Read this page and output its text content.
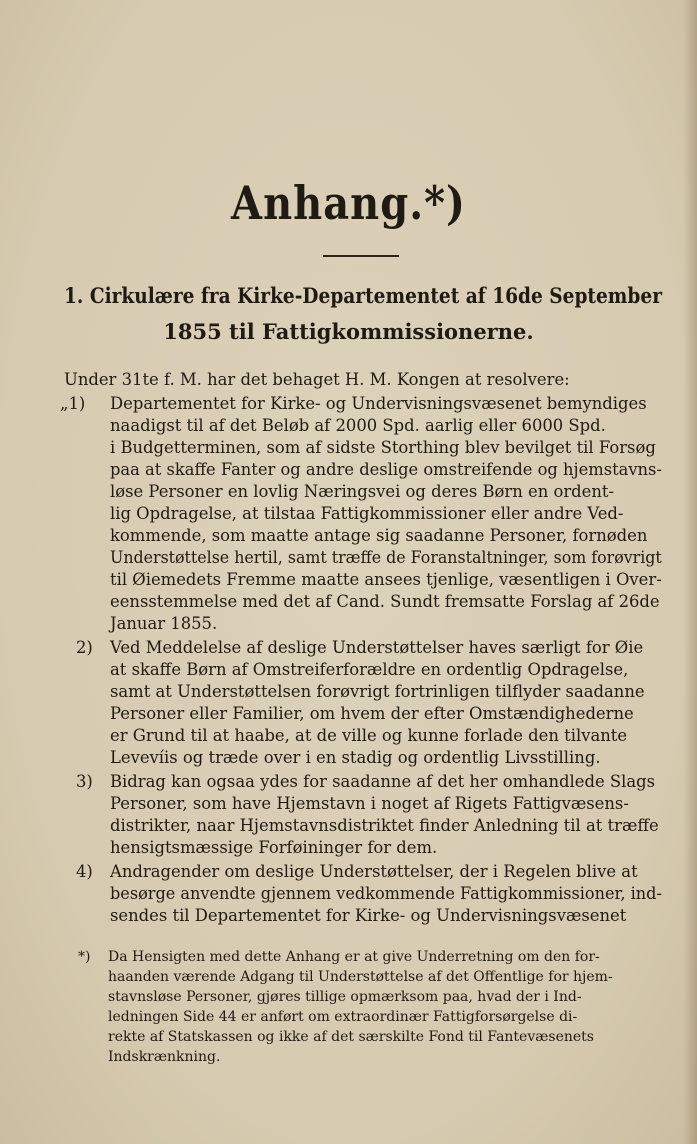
Anhang.*)
1. Cirkulære fra Kirke-Departementet af 16de September
1855 til Fattigkommissionerne.
Under 31te f. M. har det behaget H. M. Kongen at resolvere:
„1) Departementet for Kirke- og Undervisningsvæsenet bemyndiges
naadigst til af det Beløb af 2000 Spd. aarlig eller 6000 Spd.
i Budgetterminen, som af sidste Storthing blev bevilget til Forsøg
paa at skaffe Fanter og andre deslige omstreifende og hjemstavns-
løse Personer en lovlig Næringsvei og deres Børn en ordent-
lig Opdragelse, at tilstaa Fattigkommissioner eller andre Ved-
kommende, som maatte antage sig saadanne Personer, fornøden
Understøttelse hertil, samt træffe de Foranstaltninger, som forøvrigt
til Øiemedets Fremme maatte ansees tjenlige, væsentligen i Over-
eensstemmelse med det af Cand. Sundt fremsatte Forslag af 26de
Januar 1855.
2) Ved Meddelelse af deslige Understøttelser haves særligt for Øie
at skaffe Børn af Omstreiferforældre en ordentlig Opdragelse,
samt at Understøttelsen forøvrigt fortrinligen tilflyder saadanne
Personer eller Familier, om hvem der efter Omstændighederne
er Grund til at haabe, at de ville og kunne forlade den tilvante
Levevíis og træde over i en stadig og ordentlig Livsstilling.
3) Bidrag kan ogsaa ydes for saadanne af det her omhandlede Slags
Personer, som have Hjemstavn i noget af Rigets Fattigvæsens-
distrikter, naar Hjemstavnsdistriktet finder Anledning til at træffe
hensigtsmæssige Forføininger for dem.
4) Andragender om deslige Understøttelser, der i Regelen blive at
besørge anvendte gjennem vedkommende Fattigkommissioner, ind-
sendes til Departementet for Kirke- og Undervisningsvæsenet
*) Da Hensigten med dette Anhang er at give Underretning om den for-
haanden værende Adgang til Understøttelse af det Offentlige for hjem-
stavnsløse Personer, gjøres tillige opmærksom paa, hvad der i Ind-
ledningen Side 44 er anført om extraordinær Fattigforsørgelse di-
rekte af Statskassen og ikke af det særskilte Fond til Fantevæsenets
Indskrænkning.
